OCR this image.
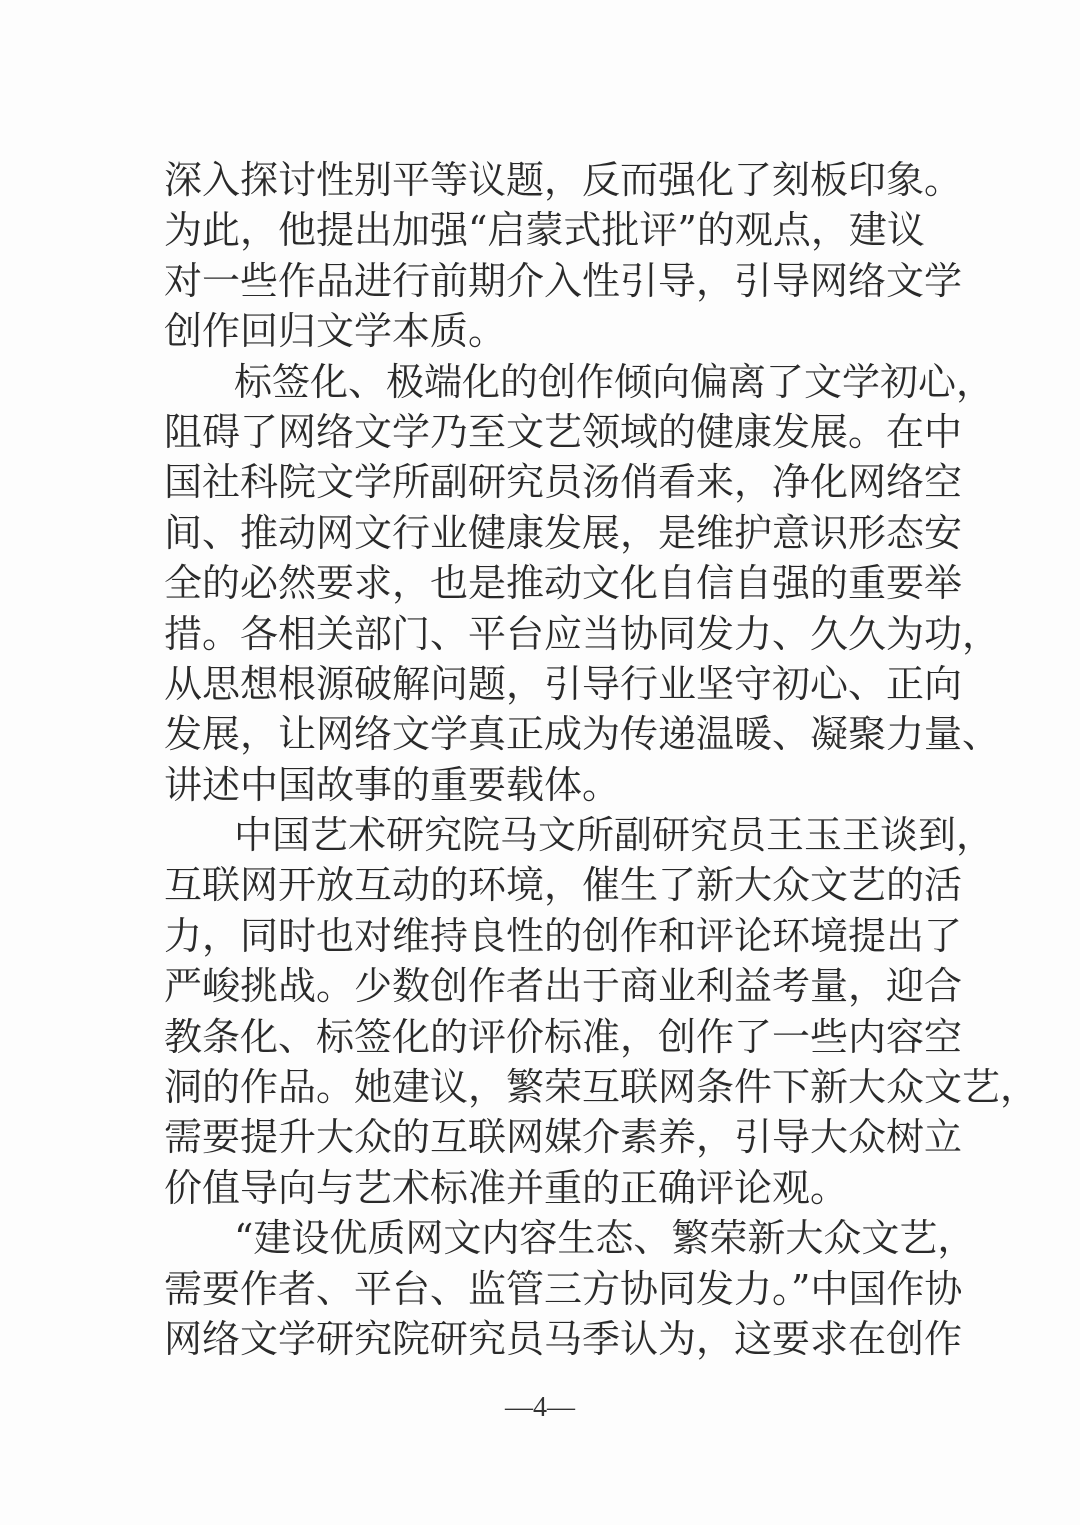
深入探讨性别平等议题，反而强化了刻板印象。
为此，他提出加强“启蒙式批评”的观点，建议
对一些作品进行前期介入性引导，引导网络文学
创作回归文学本质。
标签化、极端化的创作倾向偏离了文学初心，
阻碍了网络文学乃至文艺领域的健康发展。在中
国社科院文学所副研究员汤俏看来，净化网络空
间、推动网文行业健康发展，是维护意识形态安
全的必然要求，也是推动文化自信自强的重要举
措。各相关部门、平台应当协同发力、久久为功，
从思想根源破解问题，引导行业坚守初心、正向
发展，让网络文学真正成为传递温暖、凝聚力量、
讲述中国故事的重要载体。
中国艺术研究院马文所副研究员王玉玊谈到，
互联网开放互动的环境，催生了新大众文艺的活
力，同时也对维持良性的创作和评论环境提出了
严峻挑战。少数创作者出于商业利益考量，迎合
教条化、标签化的评价标准，创作了一些内容空
洞的作品。她建议，繁荣互联网条件下新大众文艺，
需要提升大众的互联网媒介素养，引导大众树立
价值导向与艺术标准并重的正确评论观。
“建设优质网文内容生态、繁荣新大众文艺，
需要作者、平台、监管三方协同发力。”中国作协
网络文学研究院研究员马季认为，这要求在创作
—4—
